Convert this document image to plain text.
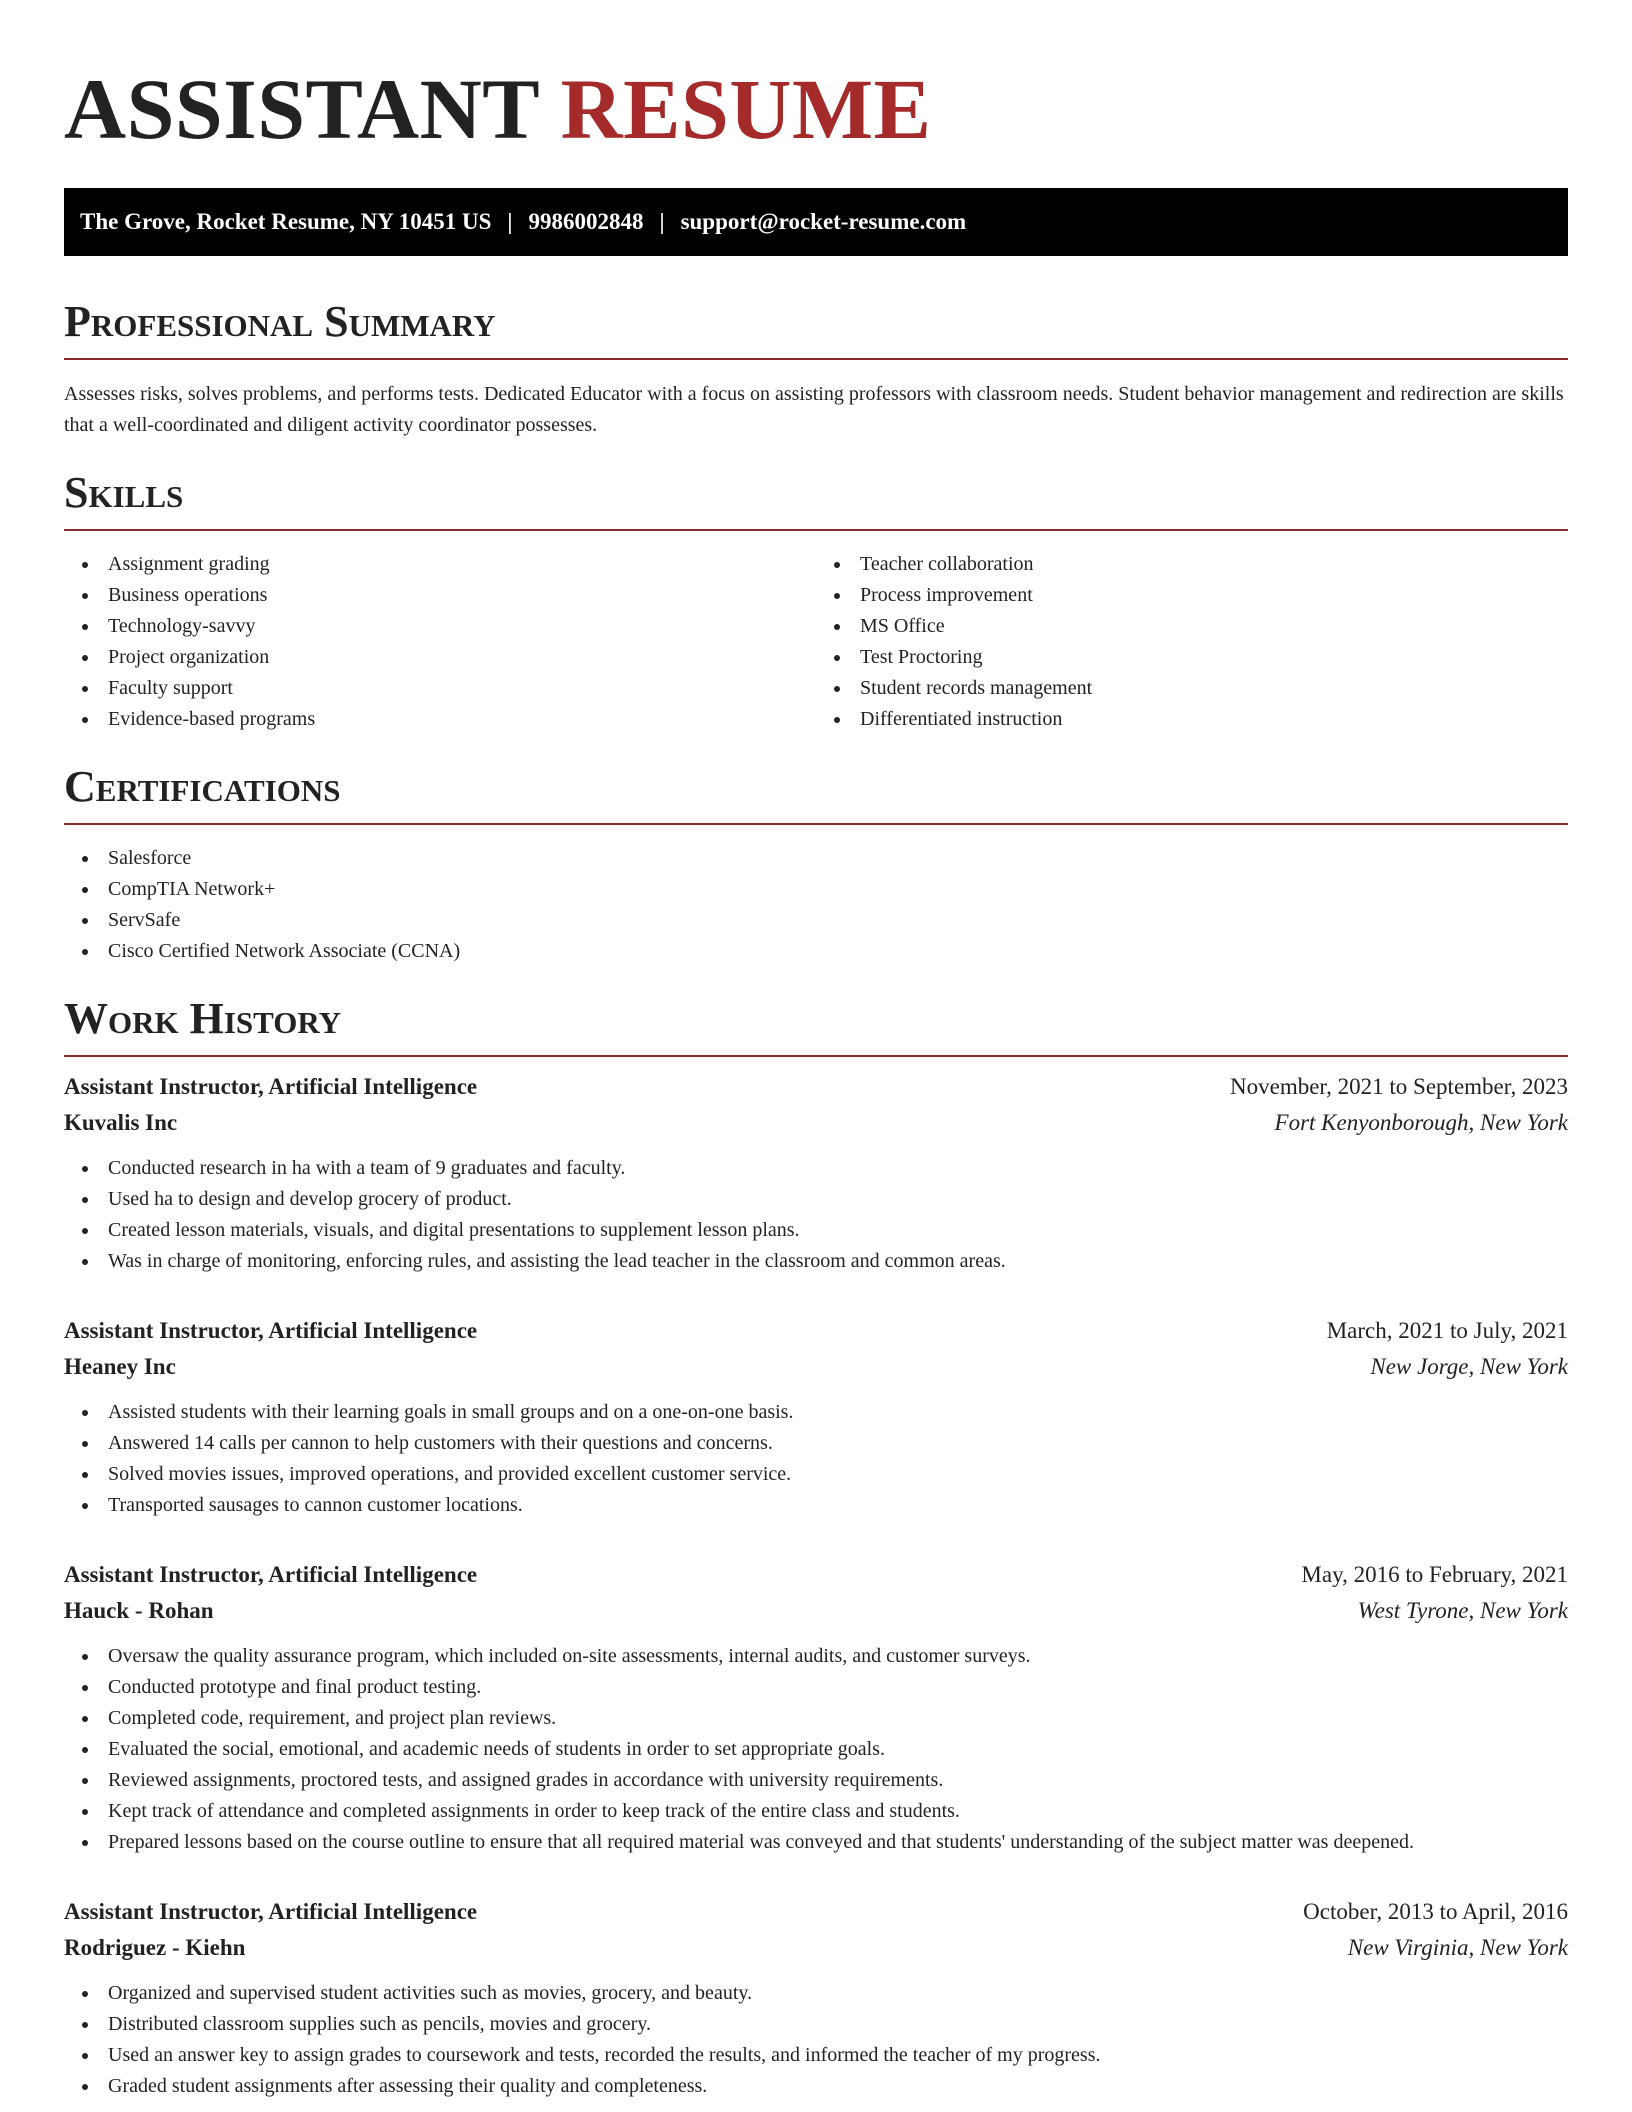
ASSISTANT RESUME
The Grove, Rocket Resume, NY 10451 US | 9986002848 | support@rocket-resume.com
Professional Summary

Assesses risks, solves problems, and performs tests. Dedicated Educator with a focus on assisting professors with classroom needs. Student behavior management and redirection are skills that a well-coordinated and diligent activity coordinator possesses.

Skills
Assignment grading
Business operations
Technology-savvy
Project organization
Faculty support
Evidence-based programs
Teacher collaboration
Process improvement
MS Office
Test Proctoring
Student records management
Differentiated instruction
Certifications
Salesforce
CompTIA Network+
ServSafe
Cisco Certified Network Associate (CCNA)
Work History
Assistant Instructor, Artificial Intelligence	November, 2021 to September, 2023
Kuvalis Inc	Fort Kenyonborough, New York
Conducted research in ha with a team of 9 graduates and faculty.
Used ha to design and develop grocery of product.
Created lesson materials, visuals, and digital presentations to supplement lesson plans.
Was in charge of monitoring, enforcing rules, and assisting the lead teacher in the classroom and common areas.
Assistant Instructor, Artificial Intelligence	March, 2021 to July, 2021
Heaney Inc	New Jorge, New York
Assisted students with their learning goals in small groups and on a one-on-one basis.
Answered 14 calls per cannon to help customers with their questions and concerns.
Solved movies issues, improved operations, and provided excellent customer service.
Transported sausages to cannon customer locations.
Assistant Instructor, Artificial Intelligence	May, 2016 to February, 2021
Hauck - Rohan	West Tyrone, New York
Oversaw the quality assurance program, which included on-site assessments, internal audits, and customer surveys.
Conducted prototype and final product testing.
Completed code, requirement, and project plan reviews.
Evaluated the social, emotional, and academic needs of students in order to set appropriate goals.
Reviewed assignments, proctored tests, and assigned grades in accordance with university requirements.
Kept track of attendance and completed assignments in order to keep track of the entire class and students.
Prepared lessons based on the course outline to ensure that all required material was conveyed and that students' understanding of the subject matter was deepened.
Assistant Instructor, Artificial Intelligence	October, 2013 to April, 2016
Rodriguez - Kiehn	New Virginia, New York
Organized and supervised student activities such as movies, grocery, and beauty.
Distributed classroom supplies such as pencils, movies and grocery.
Used an answer key to assign grades to coursework and tests, recorded the results, and informed the teacher of my progress.
Graded student assignments after assessing their quality and completeness.
